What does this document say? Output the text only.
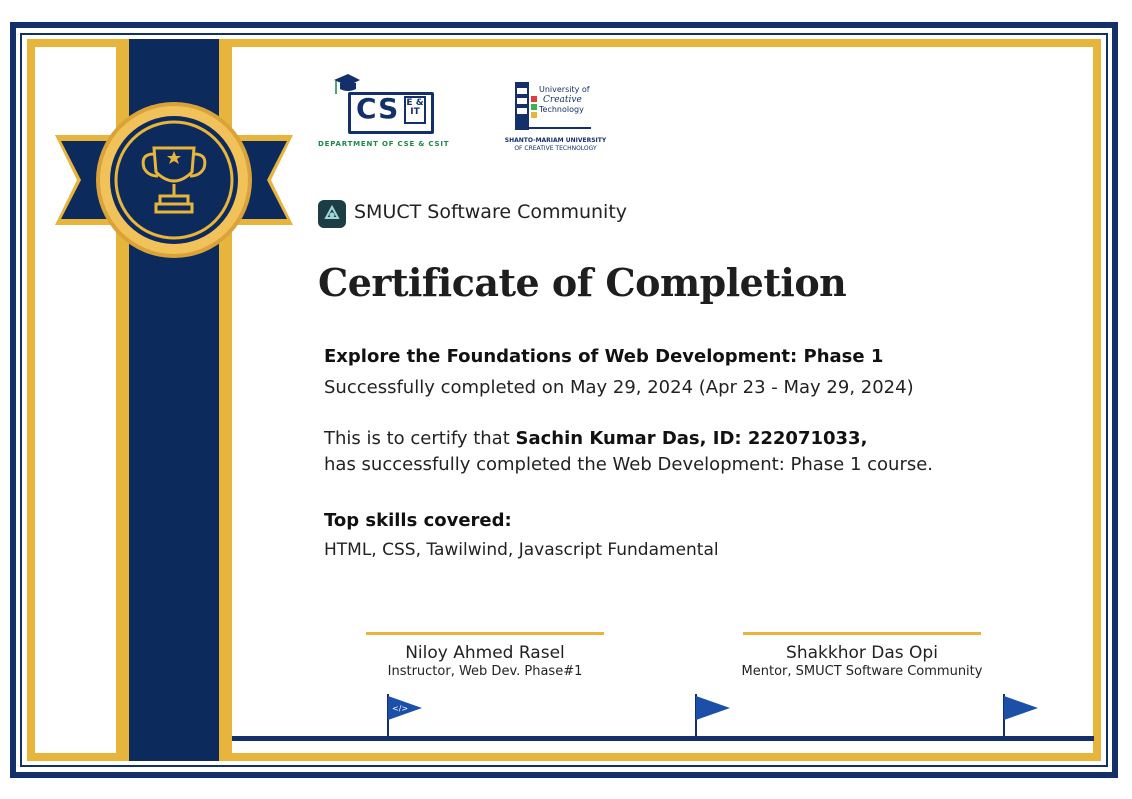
</>
CS E & IT
DEPARTMENT OF CSE & CSIT
University of
Creative
Technology
SHANTO-MARIAM UNIVERSITY
OF CREATIVE TECHNOLOGY
SMUCT Software Community
Certificate of Completion
Explore the Foundations of Web Development: Phase 1
Successfully completed on May 29, 2024 (Apr 23 - May 29, 2024)
This is to certify that Sachin Kumar Das, ID: 222071033,
has successfully completed the Web Development: Phase 1 course.
Top skills covered:
HTML, CSS, Tawilwind, Javascript Fundamental
Niloy Ahmed Rasel
Instructor, Web Dev. Phase#1
Shakkhor Das Opi
Mentor, SMUCT Software Community
